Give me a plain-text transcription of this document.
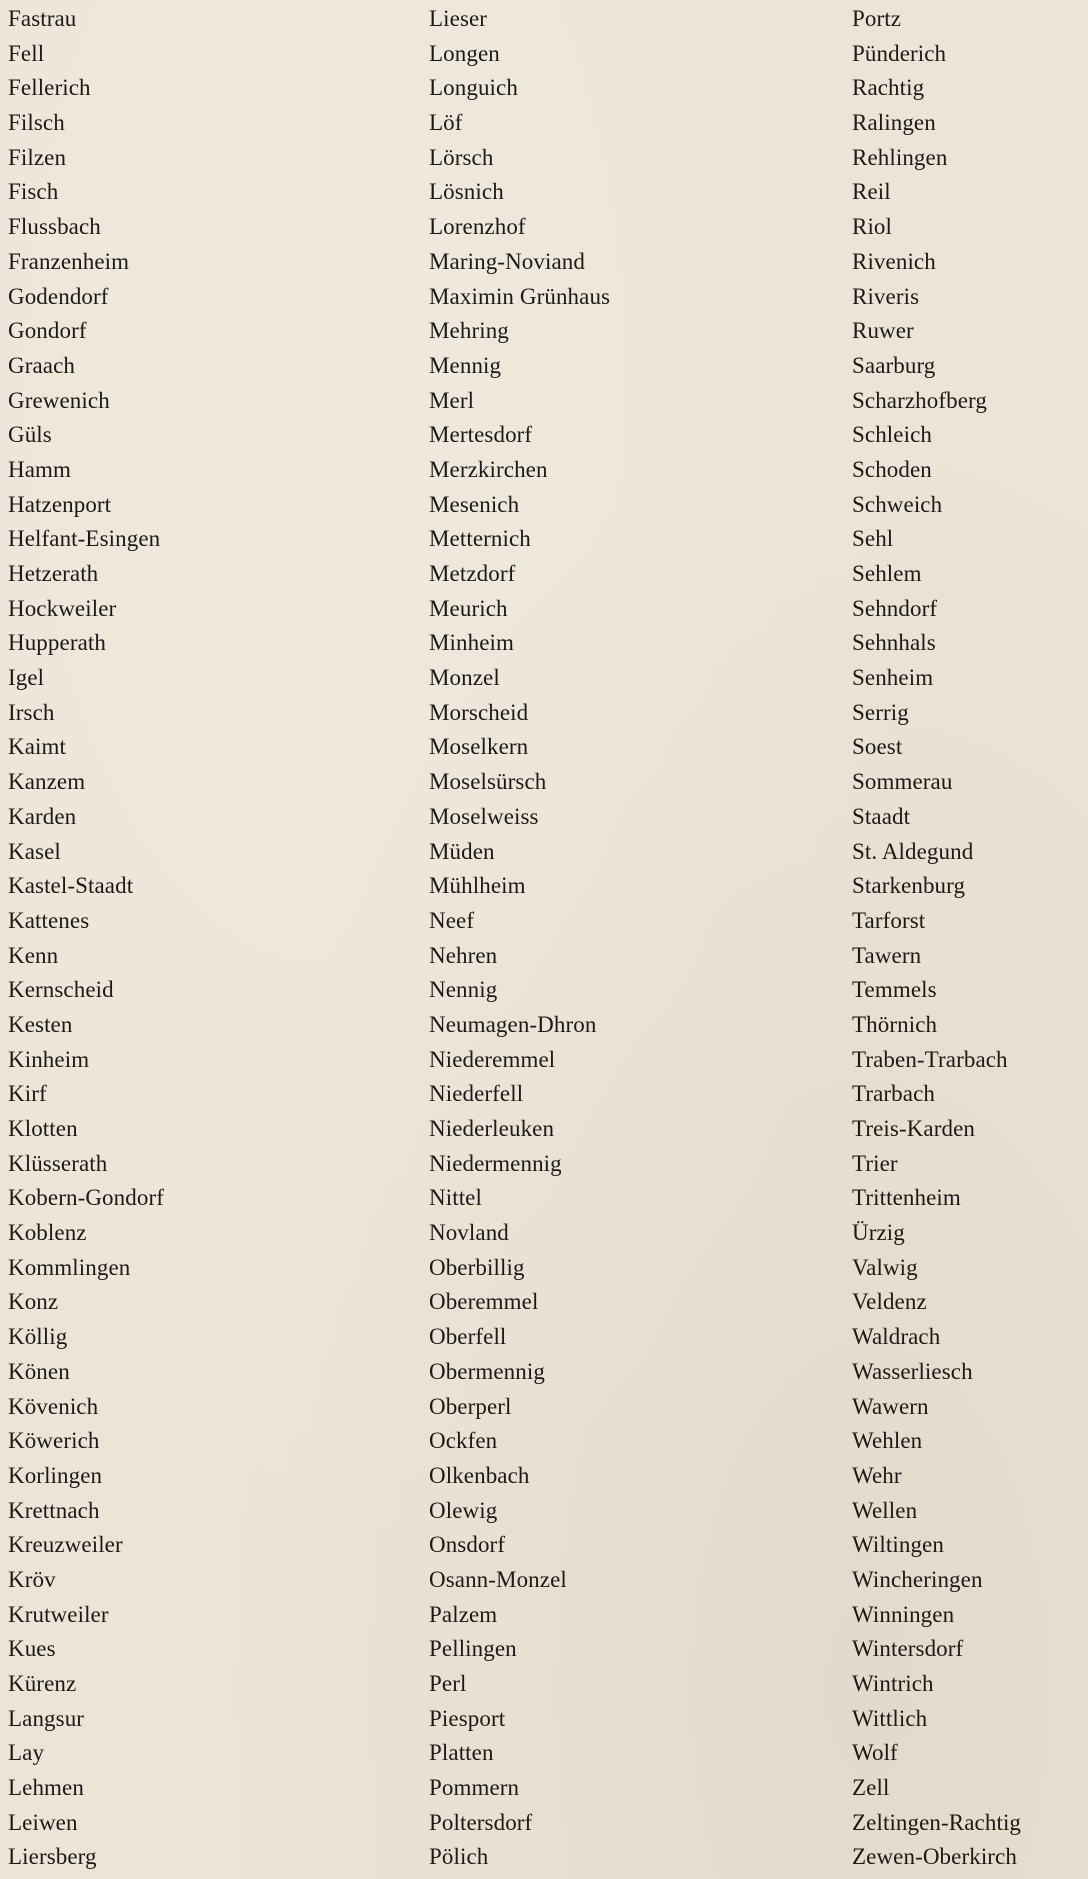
Fastrau
Fell
Fellerich
Filsch
Filzen
Fisch
Flussbach
Franzenheim
Godendorf
Gondorf
Graach
Grewenich
Güls
Hamm
Hatzenport
Helfant-Esingen
Hetzerath
Hockweiler
Hupperath
Igel
Irsch
Kaimt
Kanzem
Karden
Kasel
Kastel-Staadt
Kattenes
Kenn
Kernscheid
Kesten
Kinheim
Kirf
Klotten
Klüsserath
Kobern-Gondorf
Koblenz
Kommlingen
Konz
Köllig
Könen
Kövenich
Köwerich
Korlingen
Krettnach
Kreuzweiler
Kröv
Krutweiler
Kues
Kürenz
Langsur
Lay
Lehmen
Leiwen
Liersberg
Lieser
Longen
Longuich
Löf
Lörsch
Lösnich
Lorenzhof
Maring-Noviand
Maximin Grünhaus
Mehring
Mennig
Merl
Mertesdorf
Merzkirchen
Mesenich
Metternich
Metzdorf
Meurich
Minheim
Monzel
Morscheid
Moselkern
Moselsürsch
Moselweiss
Müden
Mühlheim
Neef
Nehren
Nennig
Neumagen-Dhron
Niederemmel
Niederfell
Niederleuken
Niedermennig
Nittel
Novland
Oberbillig
Oberemmel
Oberfell
Obermennig
Oberperl
Ockfen
Olkenbach
Olewig
Onsdorf
Osann-Monzel
Palzem
Pellingen
Perl
Piesport
Platten
Pommern
Poltersdorf
Pölich
Portz
Pünderich
Rachtig
Ralingen
Rehlingen
Reil
Riol
Rivenich
Riveris
Ruwer
Saarburg
Scharzhofberg
Schleich
Schoden
Schweich
Sehl
Sehlem
Sehndorf
Sehnhals
Senheim
Serrig
Soest
Sommerau
Staadt
St. Aldegund
Starkenburg
Tarforst
Tawern
Temmels
Thörnich
Traben-Trarbach
Trarbach
Treis-Karden
Trier
Trittenheim
Ürzig
Valwig
Veldenz
Waldrach
Wasserliesch
Wawern
Wehlen
Wehr
Wellen
Wiltingen
Wincheringen
Winningen
Wintersdorf
Wintrich
Wittlich
Wolf
Zell
Zeltingen-Rachtig
Zewen-Oberkirch
